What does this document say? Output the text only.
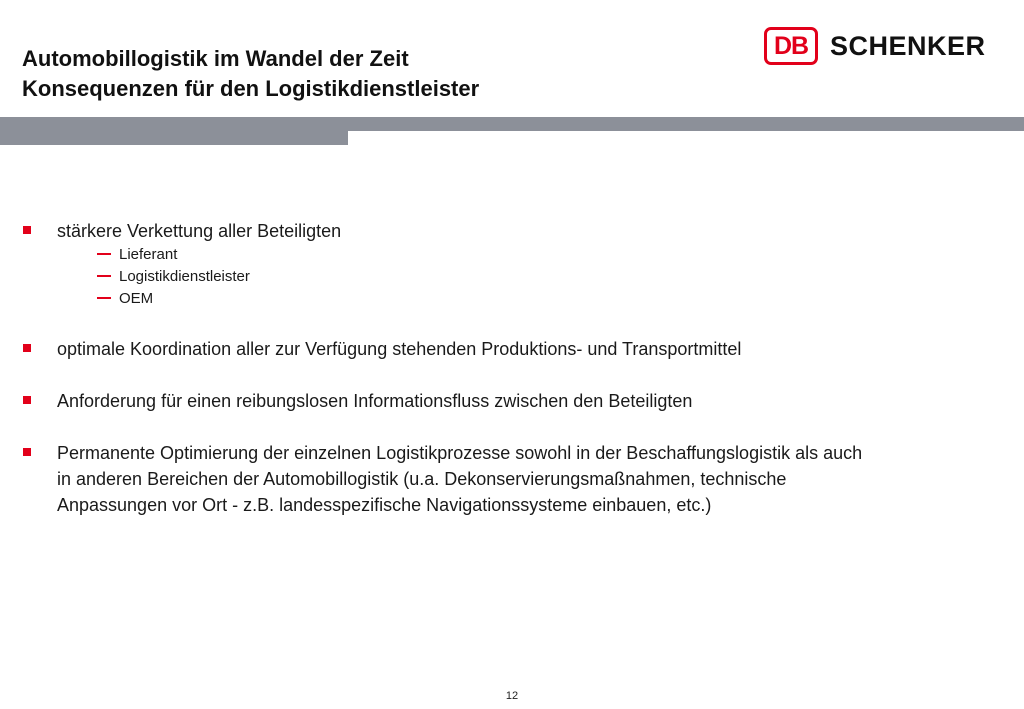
Automobillogistik im Wandel der Zeit
Konsequenzen für den Logistikdienstleister
DB SCHENKER
stärkere Verkettung aller Beteiligten
Lieferant
Logistikdienstleister
OEM
optimale Koordination aller zur Verfügung stehenden Produktions- und Transportmittel
Anforderung für einen reibungslosen Informationsfluss zwischen den Beteiligten
Permanente Optimierung der einzelnen Logistikprozesse sowohl in der Beschaffungslogistik als auch
in anderen Bereichen der Automobillogistik (u.a. Dekonservierungsmaßnahmen, technische
Anpassungen vor Ort - z.B. landesspezifische Navigationssysteme einbauen, etc.)
12
